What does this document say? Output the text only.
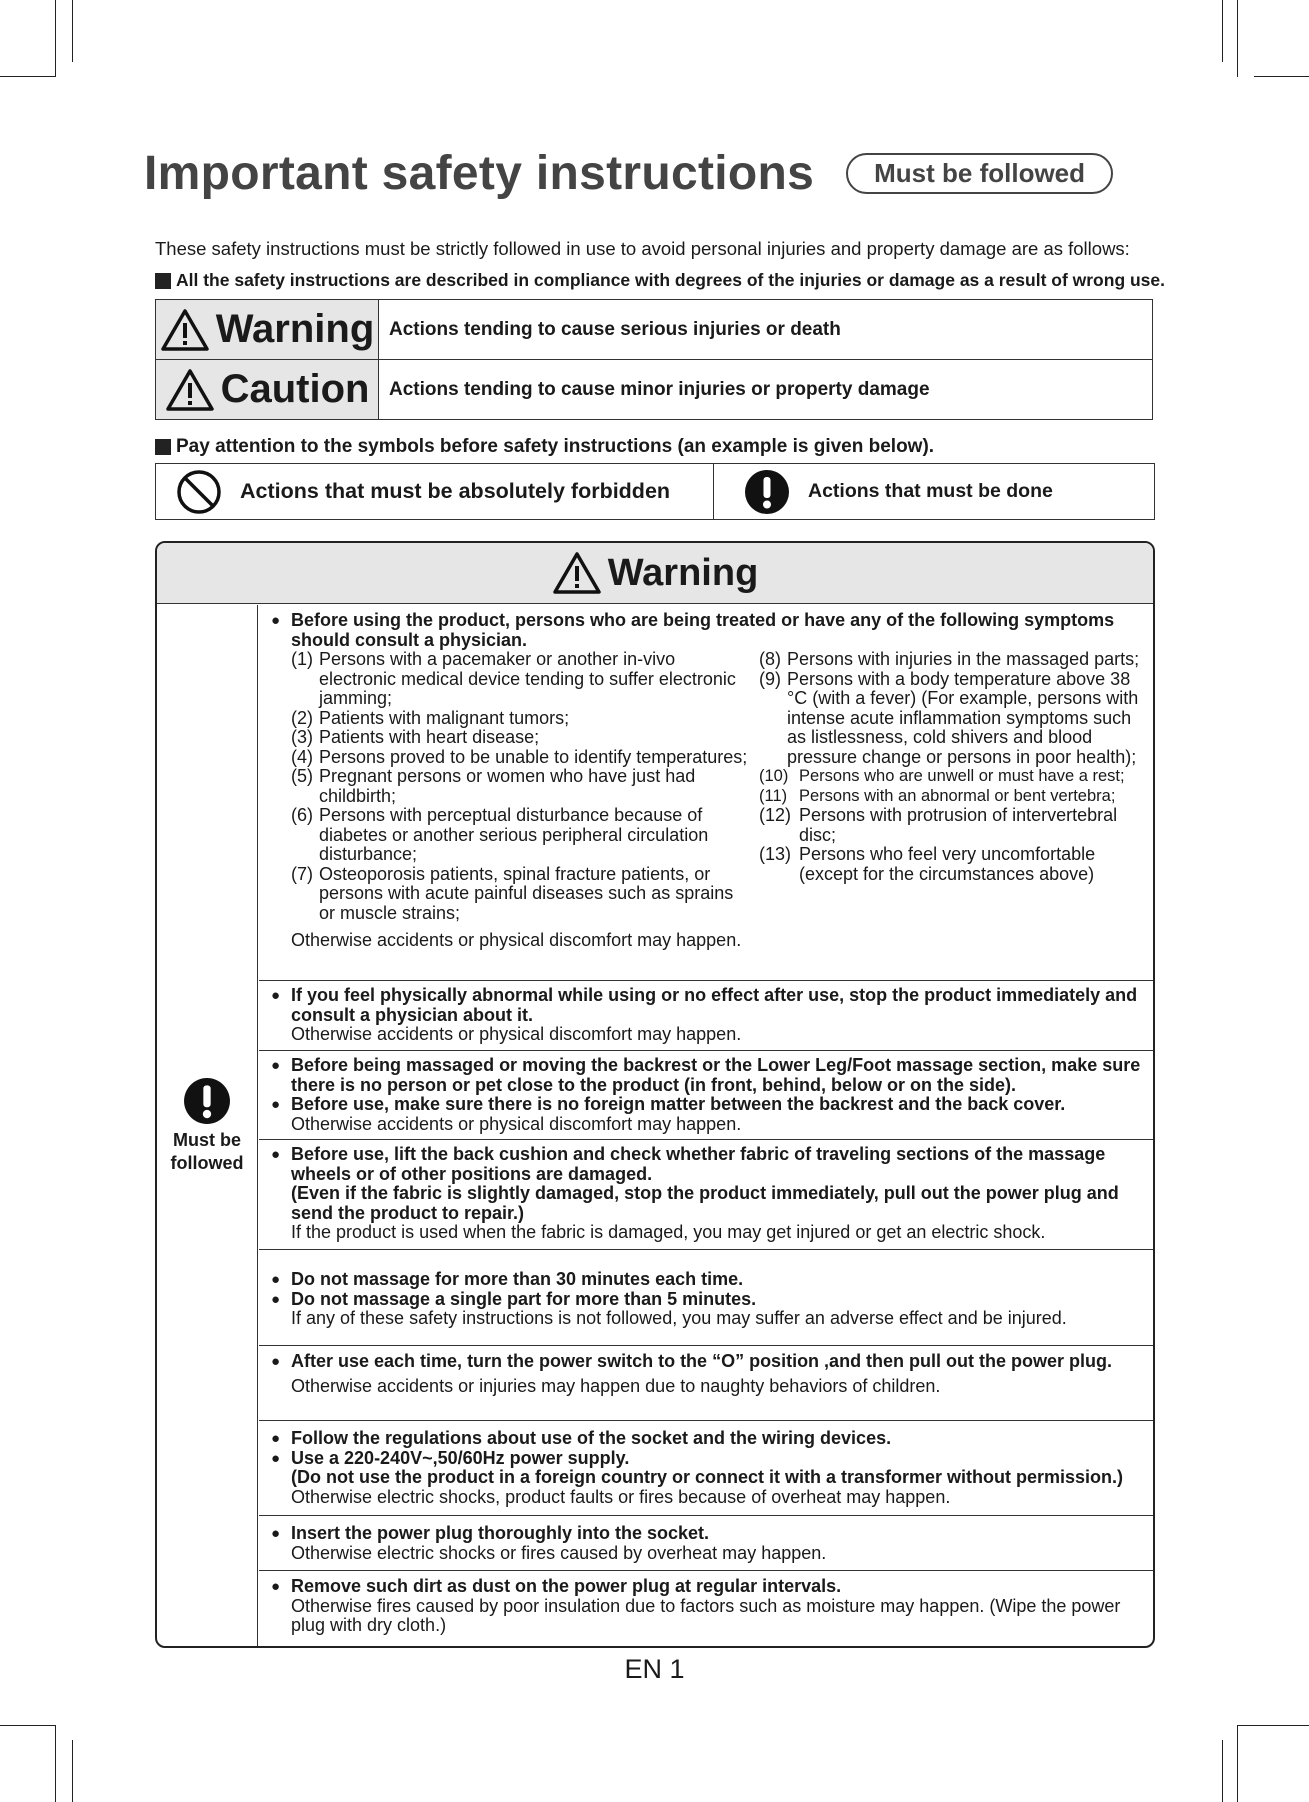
Important safety instructions	Must be followed
These safety instructions must be strictly followed in use to avoid personal injuries and property damage are as follows:
All the safety instructions are described in compliance with degrees of the injuries or damage as a result of wrong use.
Warning	Actions tending to cause serious injuries or death

Caution	Actions tending to cause minor injuries or property damage
Pay attention to the symbols before safety instructions (an example is given below).
Actions that must be absolutely forbidden	Actions that must be done
Warning
Must be
followed
● Before using the product, persons who are being treated or have any of the following symptoms should consult a physician.
(1) Persons with a pacemaker or another in-vivo electronic medical device tending to suffer electronic jamming;
(2) Patients with malignant tumors;
(3) Patients with heart disease;
(4) Persons proved to be unable to identify temperatures;
(5) Pregnant persons or women who have just had childbirth;
(6) Persons with perceptual disturbance because of diabetes or another serious peripheral circulation disturbance;
(7) Osteoporosis patients, spinal fracture patients, or persons with acute painful diseases such as sprains or muscle strains;
(8) Persons with injuries in the massaged parts;
(9) Persons with a body temperature above 38 °C (with a fever) (For example, persons with intense acute inflammation symptoms such as listlessness, cold shivers and blood pressure change or persons in poor health);
(10) Persons who are unwell or must have a rest;
(11) Persons with an abnormal or bent vertebra;
(12) Persons with protrusion of intervertebral disc;
(13) Persons who feel very uncomfortable (except for the circumstances above)
Otherwise accidents or physical discomfort may happen.
● If you feel physically abnormal while using or no effect after use, stop the product immediately and consult a physician about it.
Otherwise accidents or physical discomfort may happen.
● Before being massaged or moving the backrest or the Lower Leg/Foot massage section, make sure there is no person or pet close to the product (in front, behind, below or on the side).
● Before use, make sure there is no foreign matter between the backrest and the back cover.
Otherwise accidents or physical discomfort may happen.
● Before use, lift the back cushion and check whether fabric of traveling sections of the massage wheels or of other positions are damaged.
(Even if the fabric is slightly damaged, stop the product immediately, pull out the power plug and send the product to repair.)
If the product is used when the fabric is damaged, you may get injured or get an electric shock.
● Do not massage for more than 30 minutes each time.
● Do not massage a single part for more than 5 minutes.
If any of these safety instructions is not followed, you may suffer an adverse effect and be injured.
● After use each time, turn the power switch to the “O” position ,and then pull out the power plug.
Otherwise accidents or injuries may happen due to naughty behaviors of children.
● Follow the regulations about use of the socket and the wiring devices.
● Use a 220-240V~,50/60Hz power supply.
(Do not use the product in a foreign country or connect it with a transformer without permission.)
Otherwise electric shocks, product faults or fires because of overheat may happen.
● Insert the power plug thoroughly into the socket.
Otherwise electric shocks or fires caused by overheat may happen.
● Remove such dirt as dust on the power plug at regular intervals.
Otherwise fires caused by poor insulation due to factors such as moisture may happen. (Wipe the power plug with dry cloth.)
EN 1
